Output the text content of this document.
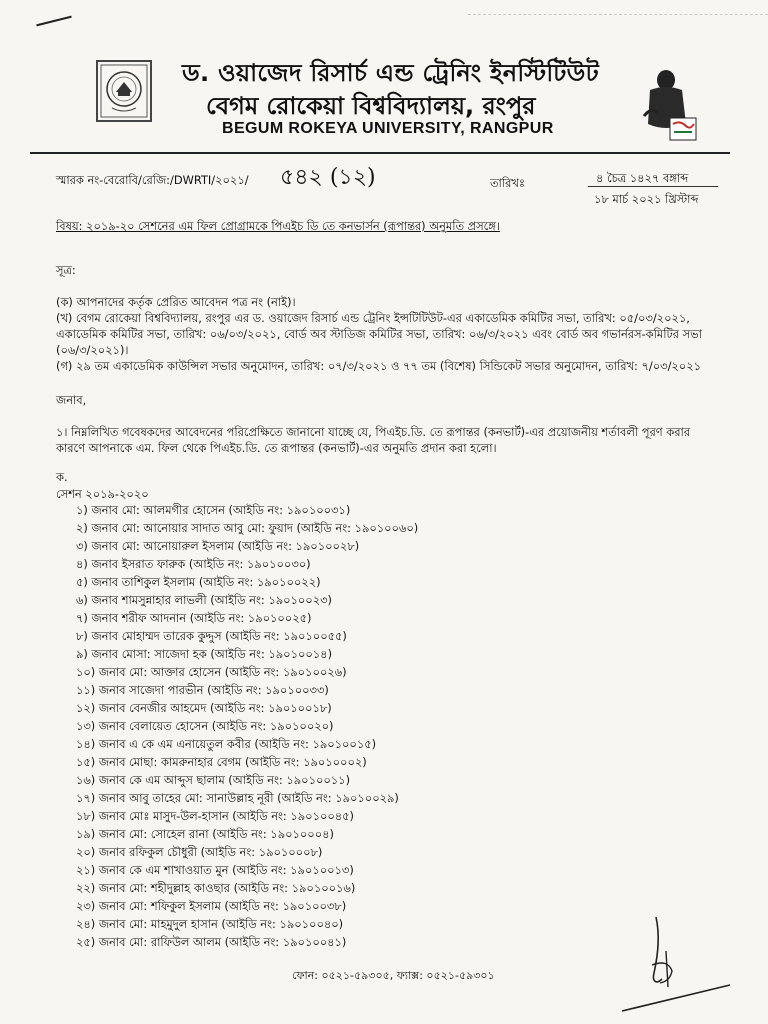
ড. ওয়াজেদ রিসার্চ এন্ড ট্রেনিং ইনস্টিটিউট
বেগম রোকেয়া বিশ্ববিদ্যালয়, রংপুর
BEGUM ROKEYA UNIVERSITY, RANGPUR
স্মারক নং-বেরোবি/রেজি:/DWRTI/২০২১/ ৫৪২ (১২)	তারিখঃ	৪ চৈত্র ১৪২৭ বঙ্গাব্দ
১৮ মার্চ ২০২১ খ্রিস্টাব্দ
বিষয়: ২০১৯-২০ সেশনের এম ফিল প্রোগ্রামকে পিএইচ ডি তে কনভার্সন (রূপান্তর) অনুমতি প্রসঙ্গে।
সূত্র:
(ক) আপনাদের কর্তৃক প্রেরিত আবেদন পত্র নং (নাই)।
(খ) বেগম রোকেয়া বিশ্ববিদ্যালয়, রংপুর এর ড. ওয়াজেদ রিসার্চ এন্ড ট্রেনিং ইন্সটিটিউট-এর একাডেমিক কমিটির সভা, তারিখ: ০৫/০৩/২০২১,
একাডেমিক কমিটির সভা, তারিখ: ০৬/০৩/২০২১, বোর্ড অব স্টাডিজ কমিটির সভা, তারিখ: ০৬/৩/২০২১ এবং বোর্ড অব গভার্নরস-কমিটির সভা
(০৬/৩/২০২১)।
(গ) ২৯ তম একাডেমিক কাউন্সিল সভার অনুমোদন, তারিখ: ০৭/৩/২০২১ ও ৭৭ তম (বিশেষ) সিন্ডিকেট সভার অনুমোদন, তারিখ: ৭/০৩/২০২১
জনাব,
১। নিম্নলিখিত গবেষকদের আবেদনের পরিপ্রেক্ষিতে জানানো যাচ্ছে যে, পিএইচ.ডি. তে রূপান্তর (কনভার্ট)-এর প্রয়োজনীয় শর্তাবলী পূরণ করার
কারণে আপনাকে এম. ফিল থেকে পিএইচ.ডি. তে রূপান্তর (কনভার্ট)-এর অনুমতি প্রদান করা হলো।
ক.
সেশন ২০১৯-২০২০
১) জনাব মো: আলমগীর হোসেন (আইডি নং: ১৯০১০০৩১)
২) জনাব মো: আনোয়ার সাদাত আবু মো: ফুয়াদ (আইডি নং: ১৯০১০০৬০)
৩) জনাব মো: আনোয়ারুল ইসলাম (আইডি নং: ১৯০১০০২৮)
৪) জনাব ইসরাত ফারুক (আইডি নং: ১৯০১০০৩০)
৫) জনাব তাশিকুল ইসলাম (আইডি নং: ১৯০১০০২২)
৬) জনাব শামসুন্নাহার লাভলী (আইডি নং: ১৯০১০০২৩)
৭) জনাব শরীফ আদনান (আইডি নং: ১৯০১০০২৫)
৮) জনাব মোহাম্মদ তারেক কুদ্দুস (আইডি নং: ১৯০১০০৫৫)
৯) জনাব মোসা: সাজেদা হক (আইডি নং: ১৯০১০০১৪)
১০) জনাব মো: আক্তার হোসেন (আইডি নং: ১৯০১০০২৬)
১১) জনাব সাজেদা পারভীন (আইডি নং: ১৯০১০০৩৩)
১২) জনাব বেনজীর আহমেদ (আইডি নং: ১৯০১০০১৮)
১৩) জনাব বেলায়েত হোসেন (আইডি নং: ১৯০১০০২০)
১৪) জনাব এ কে এম এনায়েতুল কবীর (আইডি নং: ১৯০১০০১৫)
১৫) জনাব মোছা: কামরুনাহার বেগম (আইডি নং: ১৯০১০০০২)
১৬) জনাব কে এম আব্দুস ছালাম (আইডি নং: ১৯০১০০১১)
১৭) জনাব আবু তাহের মো: সানাউল্লাহ নূরী (আইডি নং: ১৯০১০০২৯)
১৮) জনাব মোঃ মাসুদ-উল-হাসান (আইডি নং: ১৯০১০০৪৫)
১৯) জনাব মো: সোহেল রানা (আইডি নং: ১৯০১০০০৪)
২০) জনাব রফিকুল চৌধুরী (আইডি নং: ১৯০১০০০৮)
২১) জনাব কে এম শাখাওয়াত মুন (আইডি নং: ১৯০১০০১৩)
২২) জনাব মো: শহীদুল্লাহ কাওছার (আইডি নং: ১৯০১০০১৬)
২৩) জনাব মো: শফিকুল ইসলাম (আইডি নং: ১৯০১০০৩৮)
২৪) জনাব মো: মাহমুদুল হাসান (আইডি নং: ১৯০১০০৪০)
২৫) জনাব মো: রাফিউল আলম (আইডি নং: ১৯০১০০৪১)
ফোন: ০৫২১-৫৯৩০৫, ফ্যাক্স: ০৫২১-৫৯৩০১
